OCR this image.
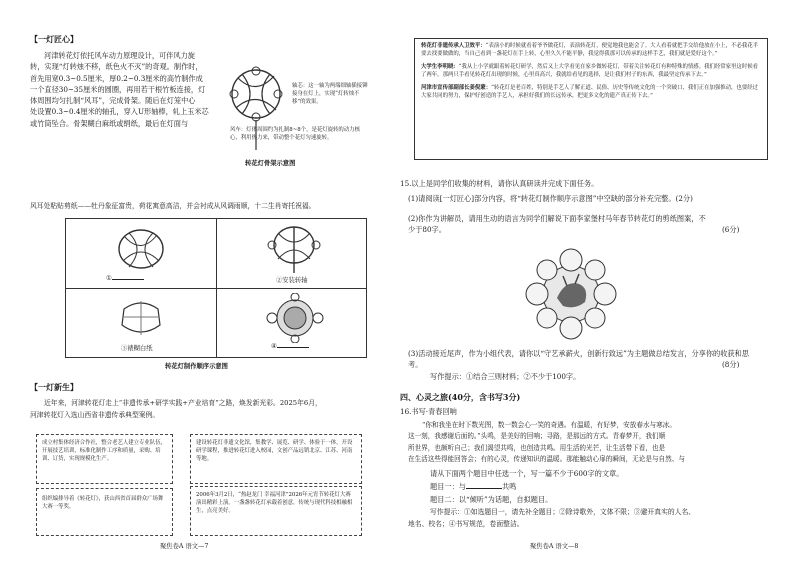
【一灯匠心】

河津转花灯依托风车动力原理设计，可伴风力旋

转，实现“灯转烛不移，纸色火不灭”的奇观。制作时，

首先用宽0.3~0.5厘米，厚0.2~0.3厘米的高竹制作成

一个直径30~35厘米的圆圈，再用若干根竹板连接，灯

体周围均匀扎制“风耳”，完成骨架。随后在灯笼中心

处设置0.3~0.4厘米的轴孔，穿入U形轴棒，轧上玉米芯

或竹筒坠合。骨架糊白麻纸或绢纸，最后在灯面与

风耳处粘贴剪纸——牡丹象征富贵，荷花寓意高洁，并会衬成从风调雨顺，十二生肖寄托祝福。

轴芯：这一轴为两端细轴插接铆接身在灯上，实现“灯转烛不移”的效果。
风车：灯体周围约为扎制8~8个，是花灯旋转的动力核心，利用热力来，带动整个花灯匀速旋转。
转花灯骨架示意图
①	②安装转轴
③裱糊白纸	④
转花灯制作顺序示意图
【一灯新生】

近年来，河津转花灯走上“非遗传承+研学实践+产业培育”之路，焕发新光彩。2025年6月，

河津转花灯入选山西省非遗传承典型案例。

成立村集体经济合作社，整合老艺人建立专业队伍，开展技艺培训，标准化制作工序和质量，采购、培训、订货，实现规模化生产。
建设转花灯非遗文化馆，集教学、展览、研学、体验于一体，开设研学课程，推进转花灯进入校园，文创产品远销北京、江苏、河南等地。
组织编排导着《转花灯》，获山西省首届群众广场舞大赛一等奖。
2006年3月2日，“热赵龙门 幸福河津”2026年元宵节转花灯大赛演出精彩上演。一盏盏转花灯承载着创意，传统与现代科技相融相生，点亮美好。
聚焦卷A 语文—7
转花灯非遗传承人卫效平：“表演小的时候就看着爷爷做花灯，表演转花灯，便觉地我也能会了。大人看着就把手交给他放在小上，不必我花半要去找要做做的，当自己看到一盏花灯在手上转，心里久久不能平静，我觉得我那可以传承的这样手艺，我们就是爱好这个。”
大学生李明晓：“我从上小学就跟着转花灯研学，然后又上大学看见在家乡做转花灯，带着关注转花灯有种特殊的情感。我们经常家里这时候看了两年，那两只手看见转花灯出现的时候，心里真高兴，我就给看见的选择，是让我们村子的东西，我最坚定传承下去。”
河津市宣传部副部长姜倪蒙：“转花灯是老百姓，特别是手艺人了解正道、民俗、历史等传统文化的一个突破口，我们正在加强推动，也要经过大家共同的努力，保护好创造的手艺人，承担好我们的长远传承，把更多文化的遗产真正传下去。”

15.以上是同学们收集的材料，请你认真研读并完成下面任务。

(1)请阅读[一灯匠心]部分内容，将“转花灯制作顺序示意图”中空缺的部分补充完整。(2分)

(2)你作为讲解员，请用生动的语言为同学们解说下面李家堡村马年春节转花灯的剪纸图案，不少于80字。	(6分)

(3)活动接近尾声，作为小组代表，请你以“守艺承薪火，创新行致远”为主题做总结发言，分享你的收获和思考。	(8分)

写作提示：①结合三则材料；②不少于100字。

四、心灵之旅(40分，含书写3分)

16.书写·青春回响

“你和我坐在时下数光图，数一数会心一笑的奇遇。有温暖，有好梦，安放春水与寒冰。

这一刻，我感谢后面的。”头鸣，是美好的回响；寻路，是那远的方式。青春梦开，我们顺

所世界，也颇听自己；我们渴望共鸣，也创造共鸣。用生活的光芒，让生活带下看，也是

在生活这些得能回答会；有的心灵，传递知识的温暖。那能触动心扉的瞬间，无论是与自然、与

请从下面两个题目中任选一个，写一篇不少于600字的文章。

题目一：与	共鸣

题目二：以“倾听”为话题，自拟题目。

写作提示：①如选题目一，请先补全题目；②除诗歌外，文体不限；③避开真实的人名、

地名、校名；④书写规范，卷面整洁。

聚焦卷A 语文—8
